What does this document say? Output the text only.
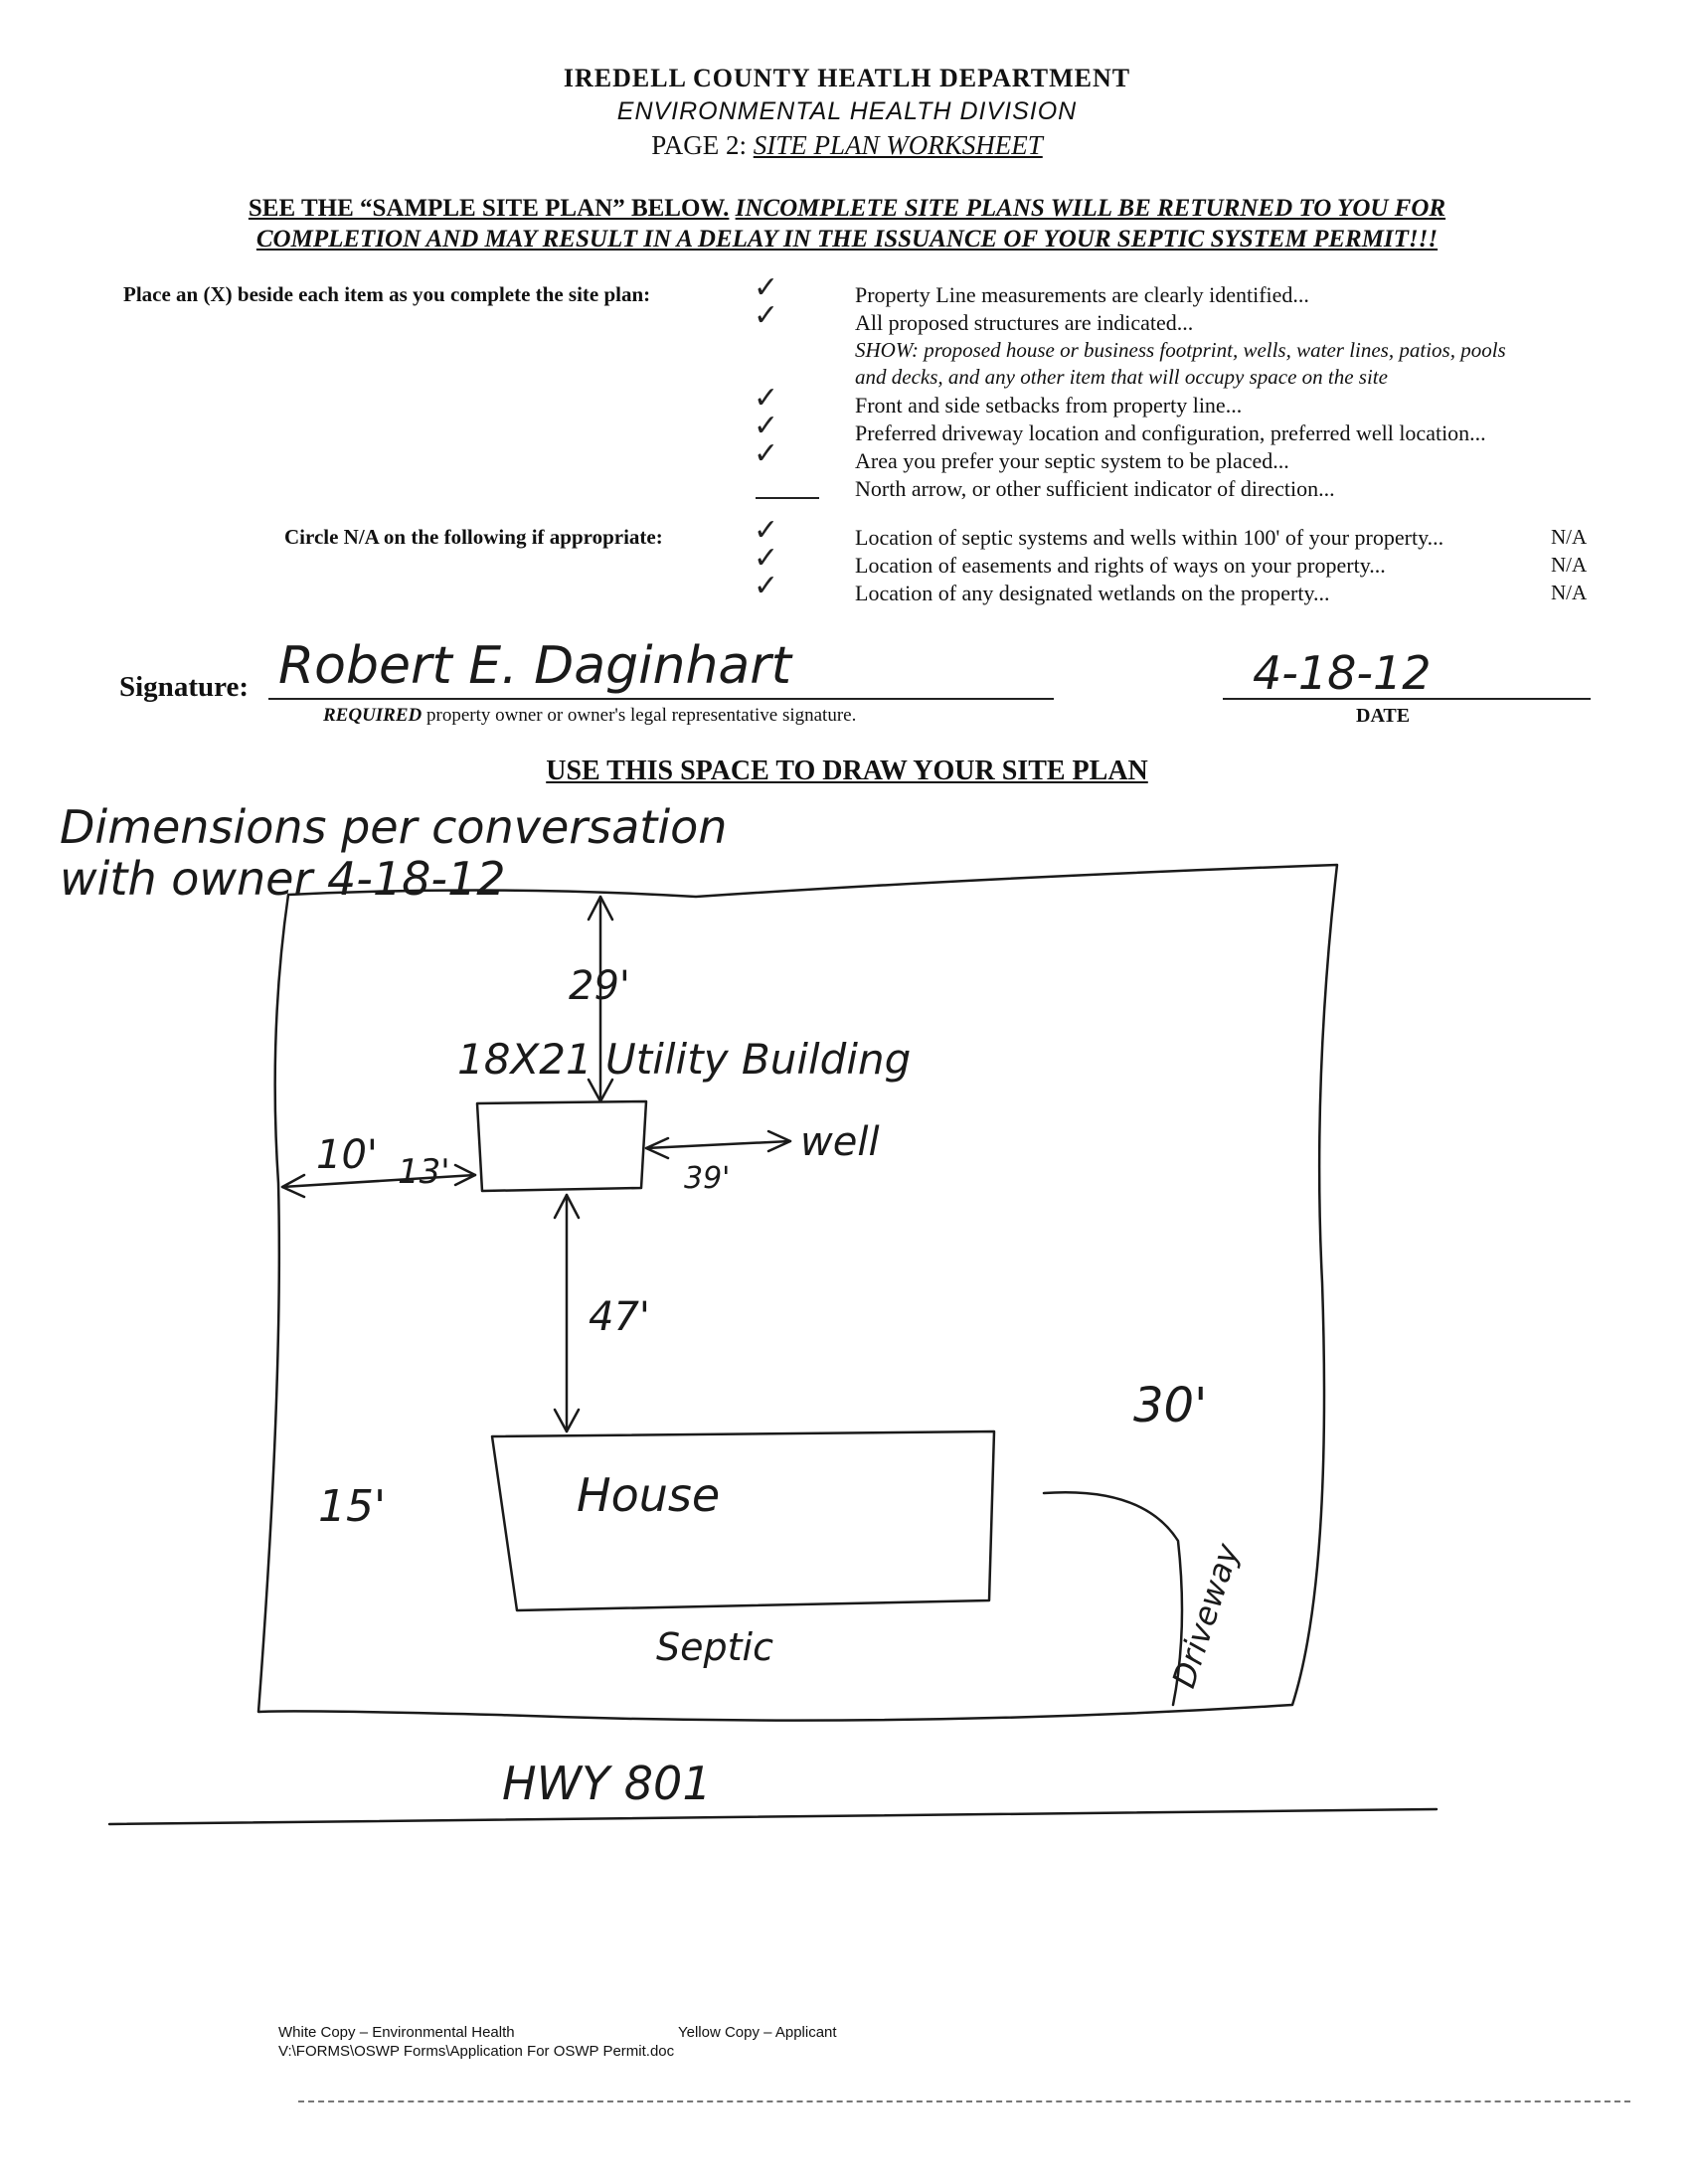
IREDELL COUNTY HEATLH DEPARTMENT
ENVIRONMENTAL HEALTH DIVISION
PAGE 2: SITE PLAN WORKSHEET
SEE THE “SAMPLE SITE PLAN” BELOW. INCOMPLETE SITE PLANS WILL BE RETURNED TO YOU FOR
COMPLETION AND MAY RESULT IN A DELAY IN THE ISSUANCE OF YOUR SEPTIC SYSTEM PERMIT!!!
Place an (X) beside each item as you complete the site plan:	✓	Property Line measurements are clearly identified...
✓	All proposed structures are indicated...
SHOW: proposed house or business footprint, wells, water lines, patios, pools
and decks, and any other item that will occupy space on the site
✓	Front and side setbacks from property line...
✓	Preferred driveway location and configuration, preferred well location...
✓	Area you prefer your septic system to be placed...
North arrow, or other sufficient indicator of direction...
Circle N/A on the following if appropriate:	✓	Location of septic systems and wells within 100' of your property...	N/A
✓	Location of easements and rights of ways on your property...	N/A
✓	Location of any designated wetlands on the property...	N/A
Signature: Robert E. Daginhart
REQUIRED property owner or owner's legal representative signature.
4-18-12
DATE
USE THIS SPACE TO DRAW YOUR SITE PLAN
Dimensions per conversation
with owner 4-18-12
29'
18X21 Utility Building
10' 13'	39'
well
47'
House
15'
30'
Septic	Driveway
HWY 801
White Copy – Environmental Health	Yellow Copy – Applicant
V:\FORMS\OSWP Forms\Application For OSWP Permit.doc
